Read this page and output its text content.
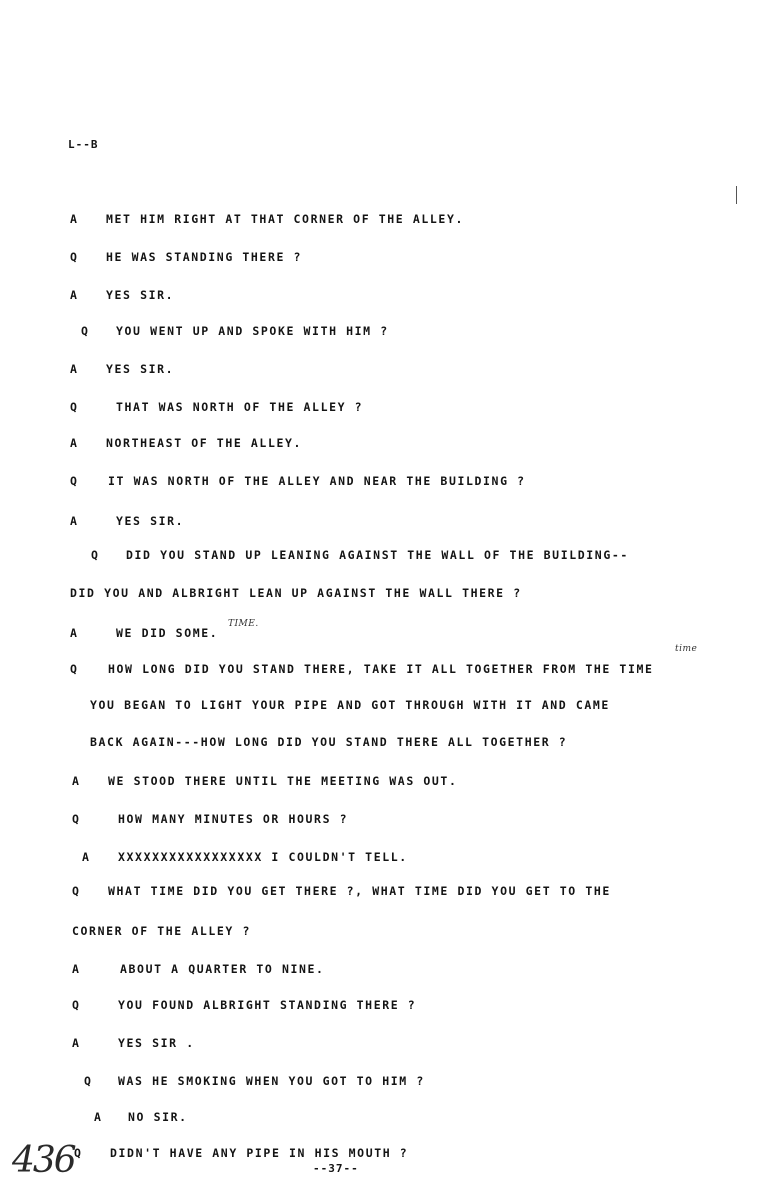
L--B
A	MET HIM RIGHT AT THAT CORNER OF THE ALLEY.
Q	HE WAS STANDING THERE ?
A	YES SIR.
Q YOU WENT UP AND SPOKE WITH HIM ?
A	YES SIR.
Q	THAT WAS NORTH OF THE ALLEY ?
A	NORTHEAST OF THE ALLEY.
Q	IT WAS NORTH OF THE ALLEY AND NEAR THE BUILDING ?
A	YES SIR.
Q DID YOU STAND UP LEANING AGAINST THE WALL OF THE BUILDING--
DID YOU AND ALBRIGHT LEAN UP AGAINST THE WALL THERE ?
A	WE DID SOME.
TIME.
Q	HOW LONG DID YOU STAND THERE, TAKE IT ALL TOGETHER FROM THE TIME
time
YOU BEGAN TO LIGHT YOUR PIPE AND GOT THROUGH WITH IT AND CAME
BACK AGAIN---HOW LONG DID YOU STAND THERE ALL TOGETHER ?
A	WE STOOD THERE UNTIL THE MEETING WAS OUT.
Q	HOW MANY MINUTES OR HOURS ?
A	XXXXXXXXXXXXXXXXX I COULDN'T TELL.
Q	WHAT TIME DID YOU GET THERE ?, WHAT TIME DID YOU GET TO THE
CORNER OF THE ALLEY ?
A	ABOUT A QUARTER TO NINE.
Q	YOU FOUND ALBRIGHT STANDING THERE ?
A	YES SIR .
Q WAS HE SMOKING WHEN YOU GOT TO HIM ?
A NO SIR.
Q	DIDN'T HAVE ANY PIPE IN HIS MOUTH ?
436	--37--
